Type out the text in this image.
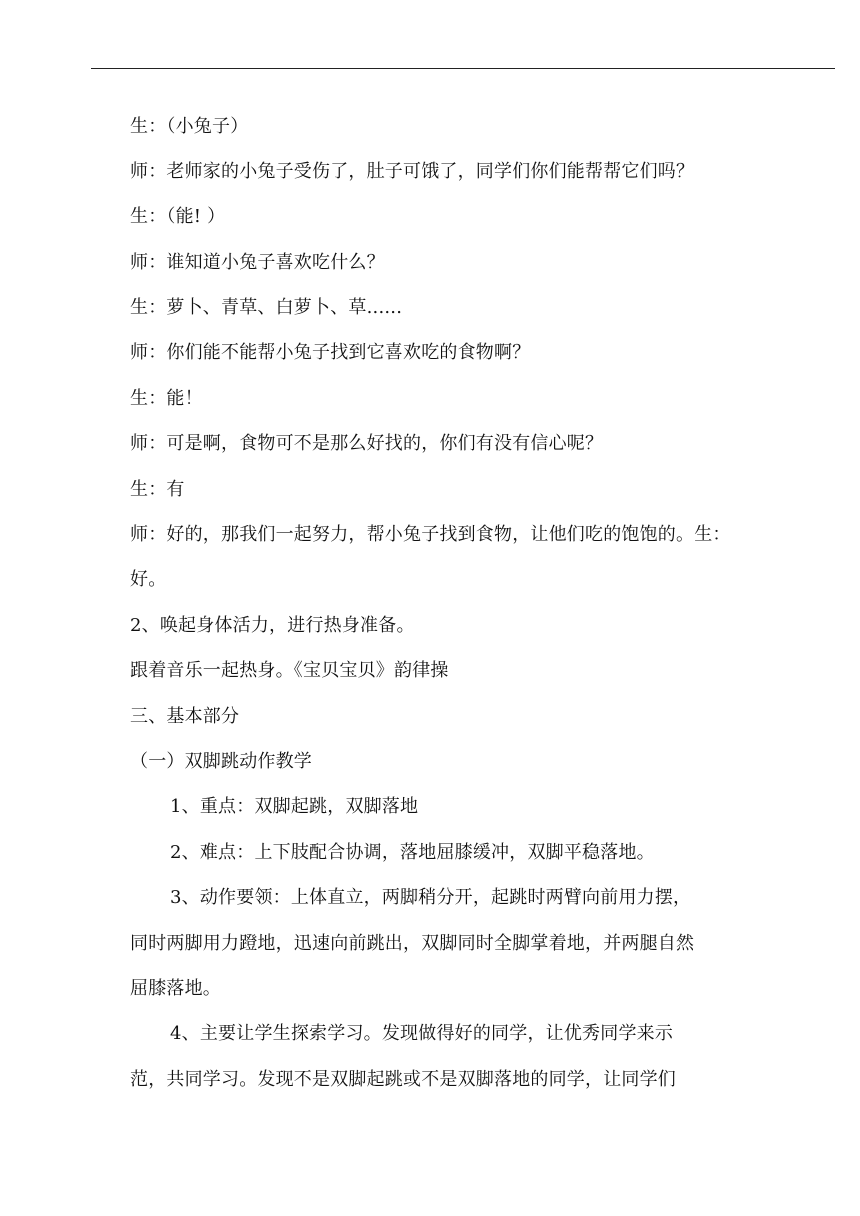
生：（小兔子）
师：老师家的小兔子受伤了，肚子可饿了，同学们你们能帮帮它们吗？
生：（能! ）
师：谁知道小兔子喜欢吃什么？
生：萝卜、青草、白萝卜、草......
师：你们能不能帮小兔子找到它喜欢吃的食物啊？
生：能！
师：可是啊，食物可不是那么好找的，你们有没有信心呢？
生：有
师：好的，那我们一起努力，帮小兔子找到食物，让他们吃的饱饱的。生：
好。
2、唤起身体活力，进行热身准备。
跟着音乐一起热身。《宝贝宝贝》韵律操
三、基本部分
（一）双脚跳动作教学
1、重点：双脚起跳，双脚落地
2、难点：上下肢配合协调，落地屈膝缓冲，双脚平稳落地。
3、动作要领：上体直立，两脚稍分开，起跳时两臂向前用力摆，
同时两脚用力蹬地，迅速向前跳出，双脚同时全脚掌着地，并两腿自然
屈膝落地。
4、主要让学生探索学习。发现做得好的同学，让优秀同学来示
范，共同学习。发现不是双脚起跳或不是双脚落地的同学，让同学们
